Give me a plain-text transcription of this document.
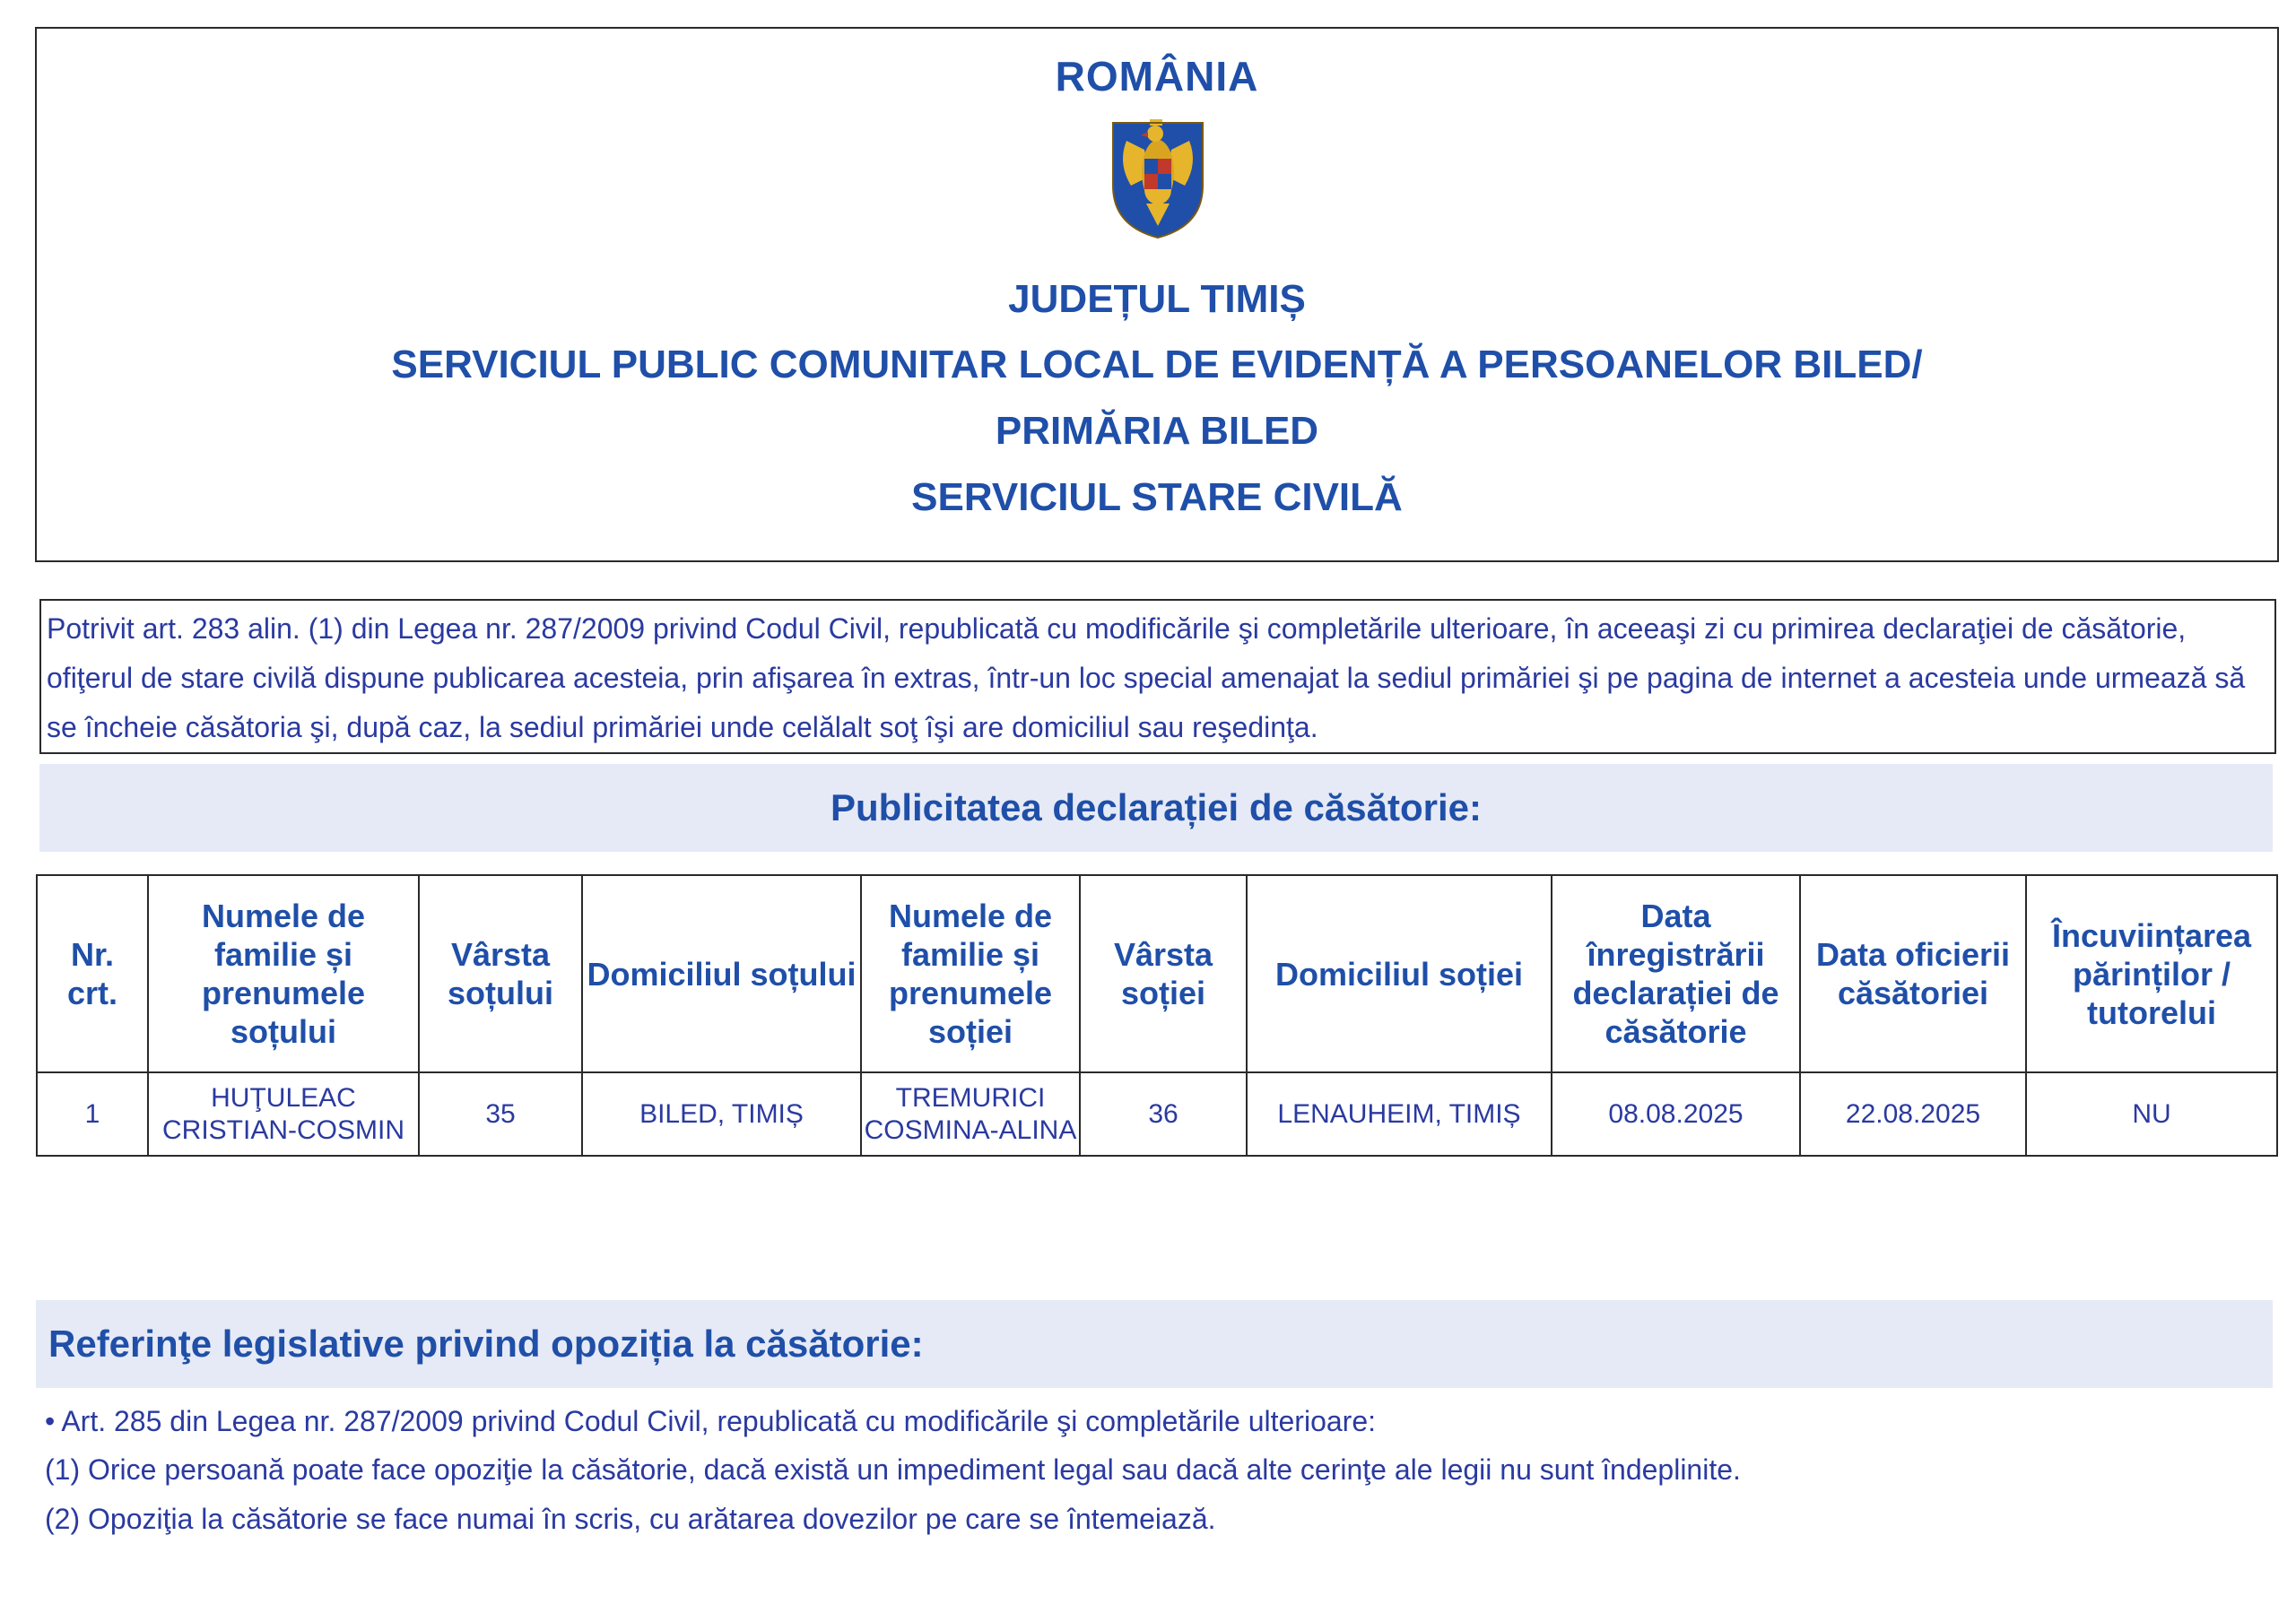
ROMÂNIA
JUDEȚUL TIMIȘ
SERVICIUL PUBLIC COMUNITAR LOCAL DE EVIDENȚĂ A PERSOANELOR BILED/
PRIMĂRIA BILED
SERVICIUL STARE CIVILĂ
Potrivit art. 283 alin. (1) din Legea nr. 287/2009 privind Codul Civil, republicată cu modificările şi completările ulterioare, în aceeaşi zi cu primirea declaraţiei de căsătorie, ofiţerul de stare civilă dispune publicarea acesteia, prin afişarea în extras, într-un loc special amenajat la sediul primăriei şi pe pagina de internet a acesteia unde urmează să se încheie căsătoria şi, după caz, la sediul primăriei unde celălalt soţ îşi are domiciliul sau reşedinţa.
Publicitatea declarației de căsătorie:
Nr. crt.	Numele de familie și prenumele soțului	Vârsta soțului	Domiciliul soțului	Numele de familie și prenumele soției	Vârsta soției	Domiciliul soției	Data înregistrării declarației de căsătorie	Data oficierii căsătoriei	Încuviințarea părinților / tutorelui
1	HUŢULEAC CRISTIAN-COSMIN	35	BILED, TIMIȘ	TREMURICI COSMINA-ALINA	36	LENAUHEIM, TIMIȘ	08.08.2025	22.08.2025	NU
Referinţe legislative privind opoziția la căsătorie:
• Art. 285 din Legea nr. 287/2009 privind Codul Civil, republicată cu modificările şi completările ulterioare:
(1) Orice persoană poate face opoziţie la căsătorie, dacă există un impediment legal sau dacă alte cerinţe ale legii nu sunt îndeplinite.
(2) Opoziţia la căsătorie se face numai în scris, cu arătarea dovezilor pe care se întemeiază.
